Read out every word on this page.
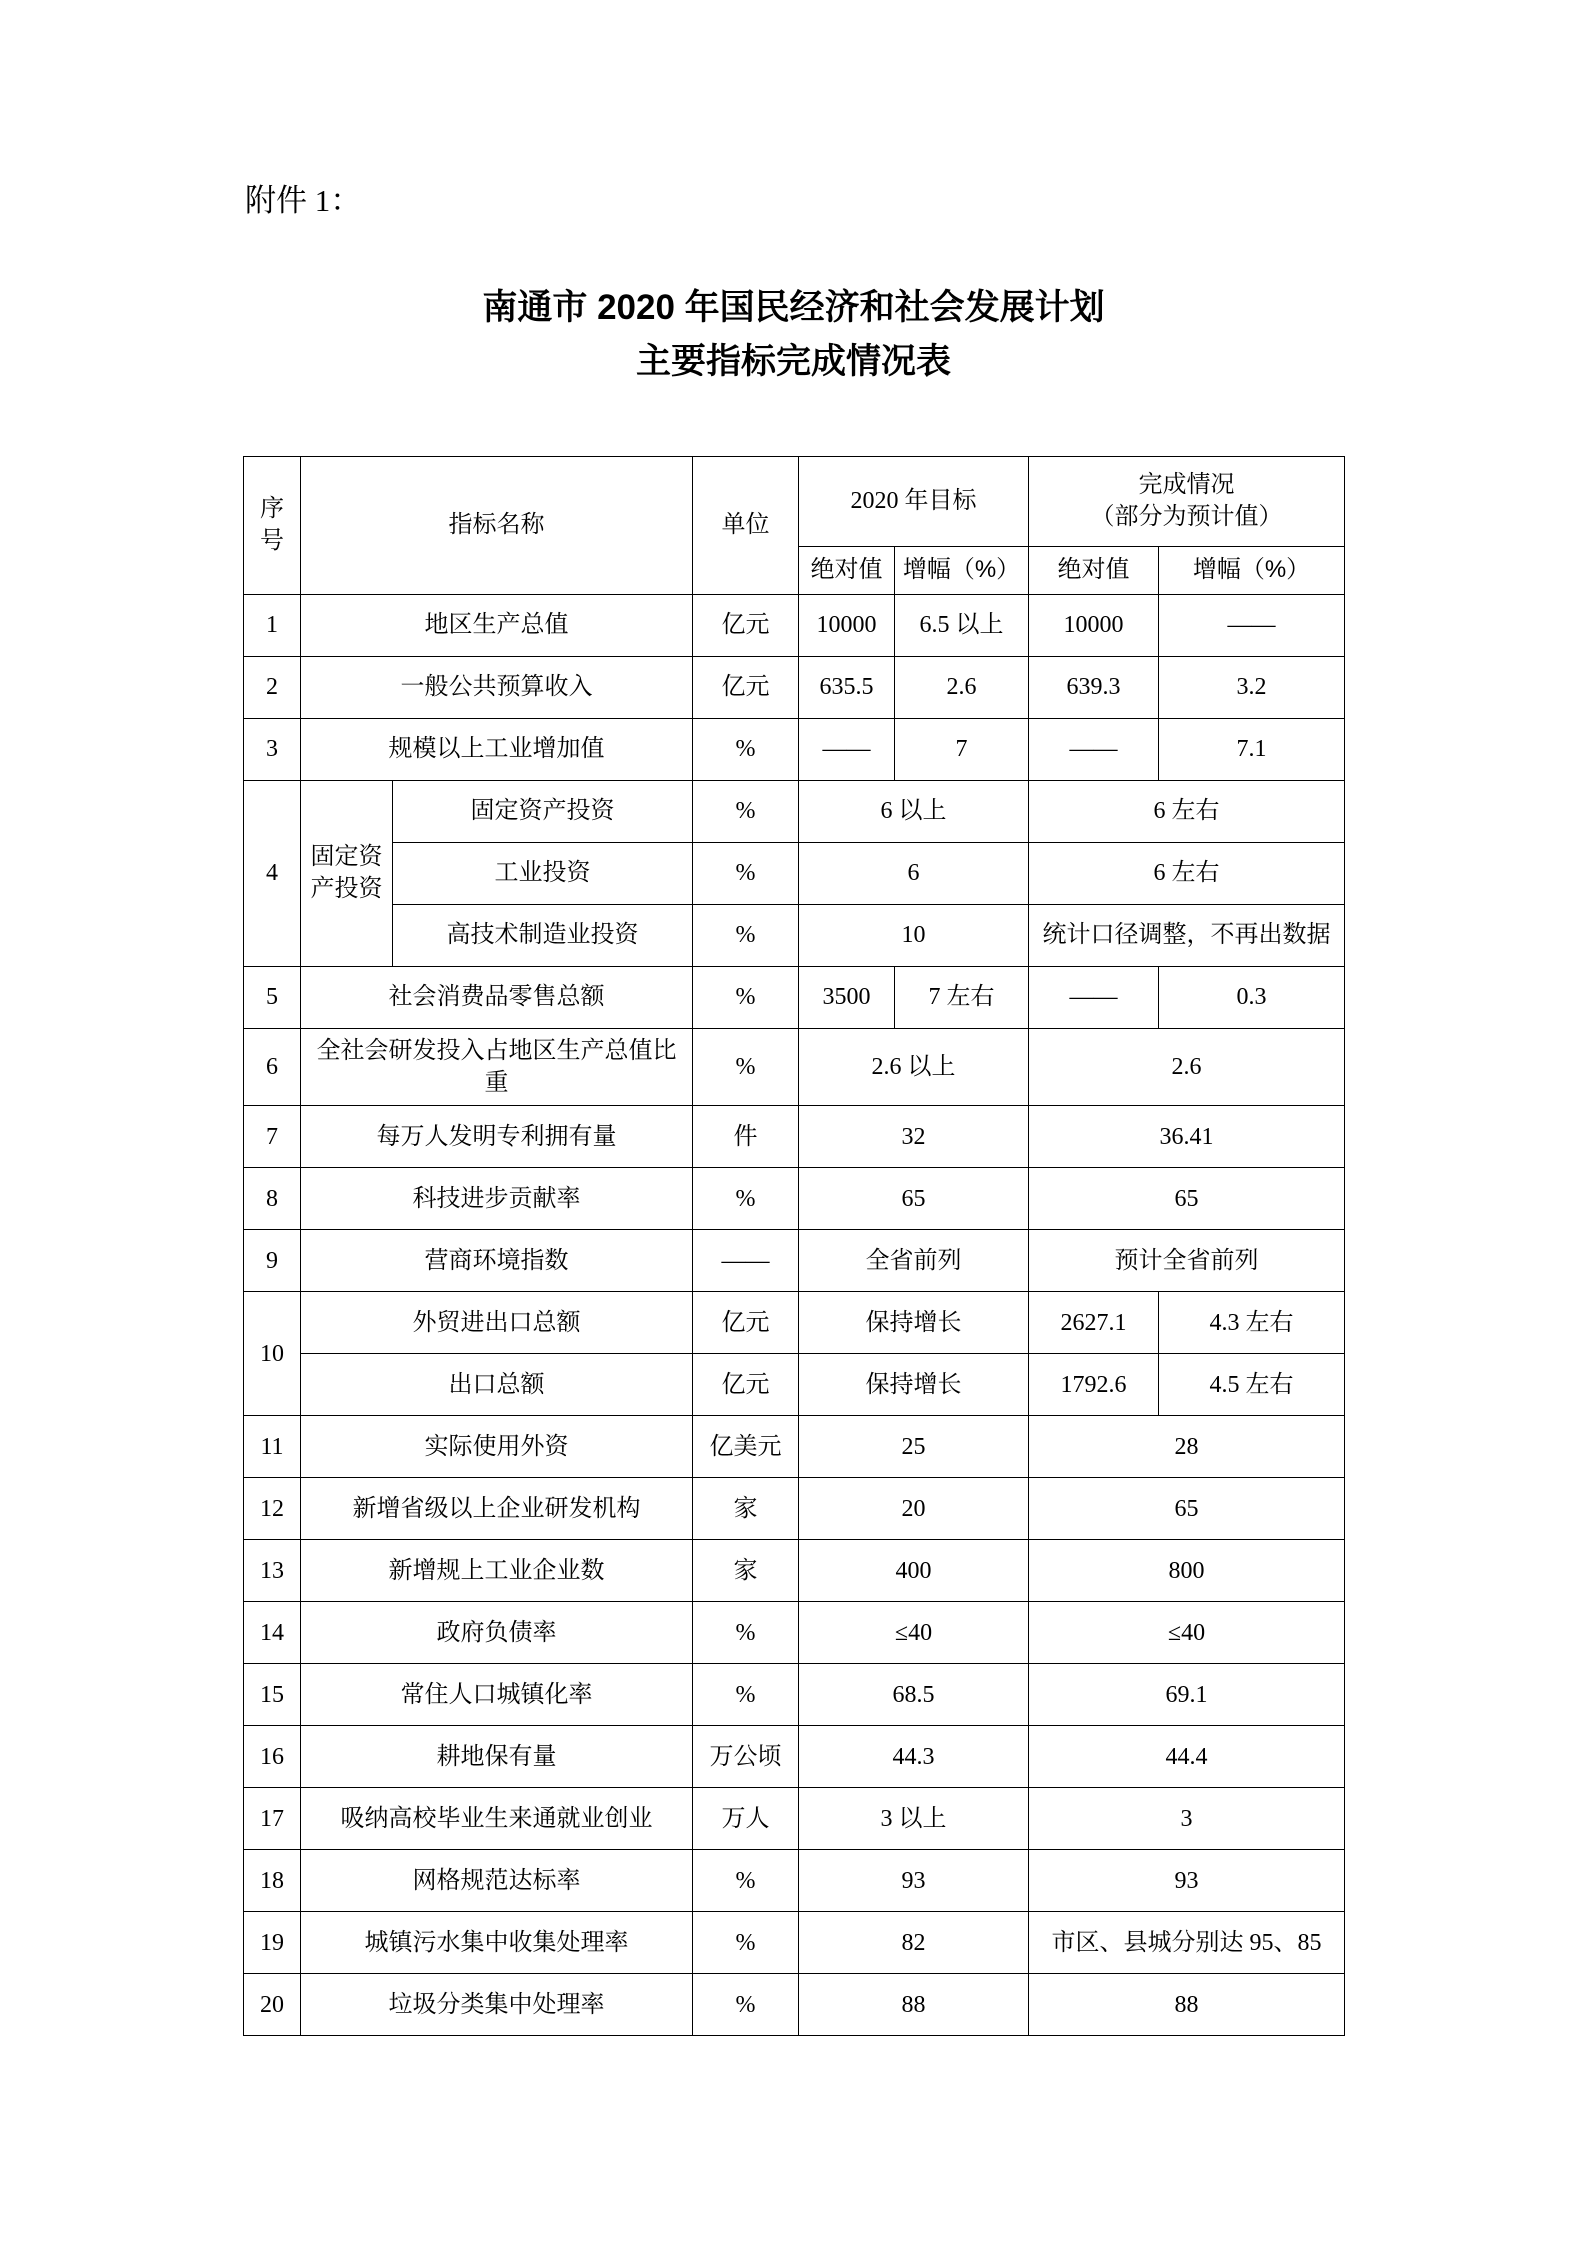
附件 1：
南通市 2020 年国民经济和社会发展计划
主要指标完成情况表
序号	指标名称		单位	2020 年目标		完成情况
（部分为预计值）	

				绝对值	增幅（%）	绝对值	增幅（%）
1	地区生产总值		亿元	10000	6.5 以上	10000	——
2	一般公共预算收入		亿元	635.5	2.6	639.3	3.2
3	规模以上工业增加值		%	——	7	——	7.1
4	固定资产投资	固定资产投资	%	6 以上		6 左右	
		工业投资	%	6		6 左右	
		高技术制造业投资	%	10		统计口径调整，不再出数据	
5	社会消费品零售总额		%	3500	7 左右	——	0.3
6	全社会研发投入占地区生产总值比重		%	2.6 以上		2.6	
7	每万人发明专利拥有量		件	32		36.41	
8	科技进步贡献率		%	65		65	
9	营商环境指数		——	全省前列		预计全省前列	
10	外贸进出口总额		亿元	保持增长		2627.1	4.3 左右
	出口总额		亿元	保持增长		1792.6	4.5 左右
11	实际使用外资		亿美元	25		28	
12	新增省级以上企业研发机构		家	20		65	
13	新增规上工业企业数		家	400		800	
14	政府负债率		%	≤40		≤40	
15	常住人口城镇化率		%	68.5		69.1	
16	耕地保有量		万公顷	44.3		44.4	
17	吸纳高校毕业生来通就业创业		万人	3 以上		3	
18	网格规范达标率		%	93		93	
19	城镇污水集中收集处理率		%	82		市区、县城分别达 95、85	
20	垃圾分类集中处理率		%	88		88	
